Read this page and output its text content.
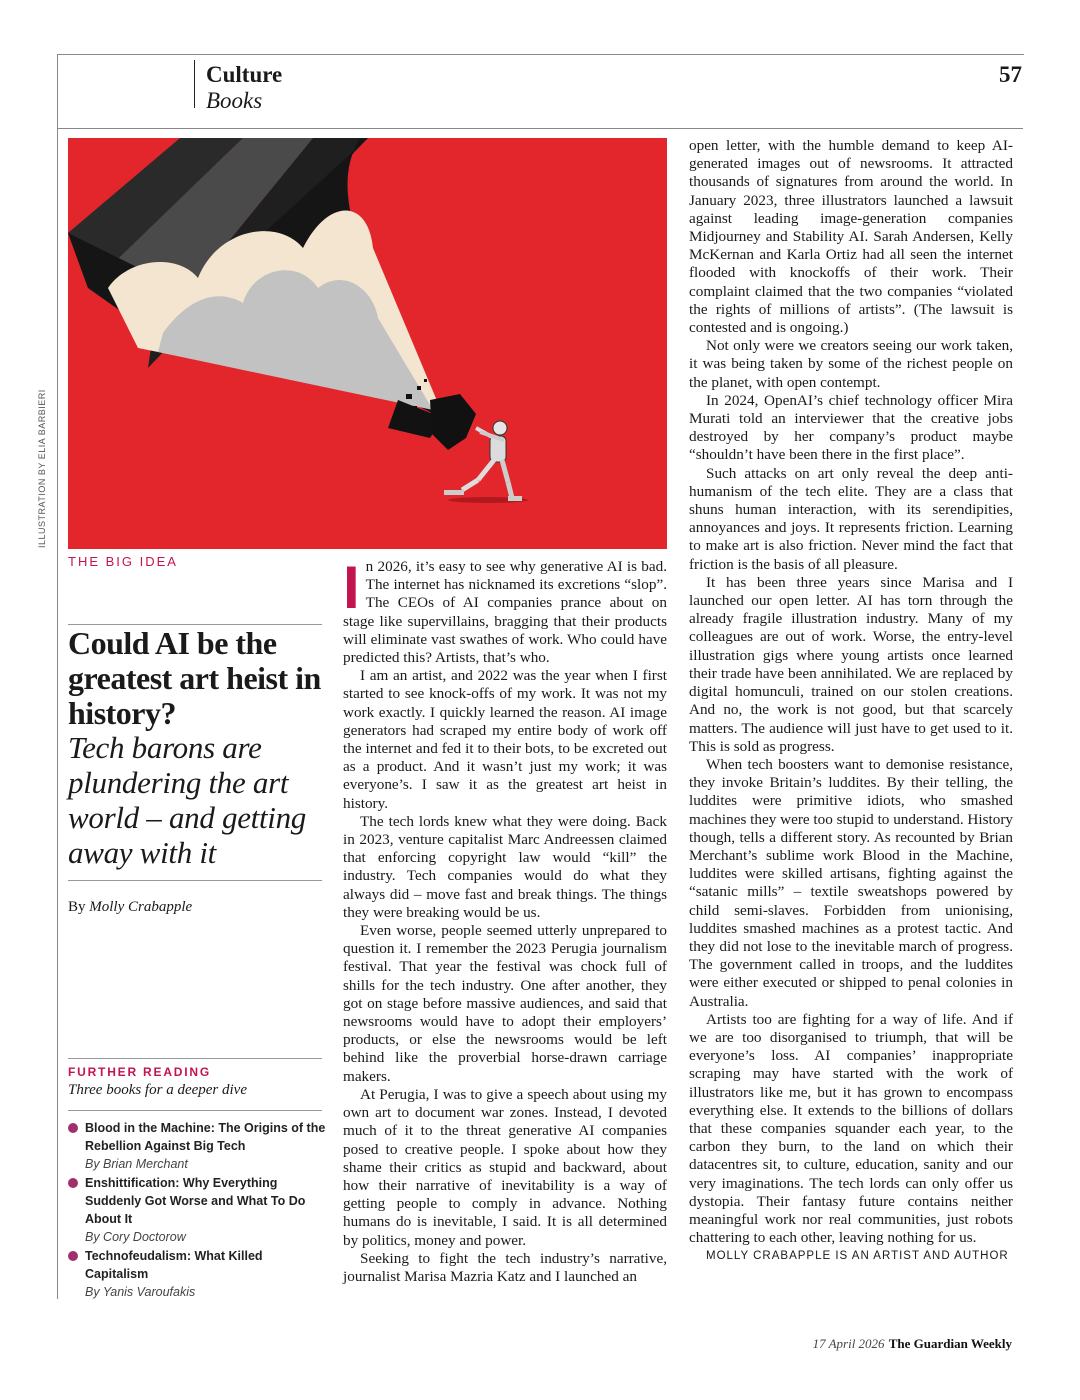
Culture
Books
57
ILLUSTRATION BY ELIA BARBIERI
THE BIG IDEA
Could AI be the greatest art heist in history?
Tech barons are plundering the art world – and getting away with it
By Molly Crabapple
FURTHER READING
Three books for a deeper dive
Blood in the Machine: The Origins of the Rebellion Against Big Tech
By Brian Merchant
Enshittification: Why Everything Suddenly Got Worse and What To Do About It
By Cory Doctorow
Technofeudalism: What Killed Capitalism
By Yanis Varoufakis

In 2026, it’s easy to see why generative AI is bad. The internet has nicknamed its excretions “slop”. The CEOs of AI companies prance about on stage like supervillains, bragging that their products will eliminate vast swathes of work. Who could have predicted this? Artists, that’s who.

I am an artist, and 2022 was the year when I first started to see knock-offs of my work. It was not my work exactly. I quickly learned the reason. AI image generators had scraped my entire body of work off the internet and fed it to their bots, to be excreted out as a product. And it wasn’t just my work; it was everyone’s. I saw it as the greatest art heist in history.

The tech lords knew what they were doing. Back in 2023, venture capitalist Marc Andreessen claimed that enforcing copyright law would “kill” the industry. Tech companies would do what they always did – move fast and break things. The things they were breaking would be us.

Even worse, people seemed utterly unprepared to question it. I remember the 2023 Perugia journalism festival. That year the festival was chock full of shills for the tech industry. One after another, they got on stage before massive audiences, and said that newsrooms would have to adopt their employers’ products, or else the newsrooms would be left behind like the proverbial horse-drawn carriage makers.

At Perugia, I was to give a speech about using my own art to document war zones. Instead, I devoted much of it to the threat generative AI companies posed to creative people. I spoke about how they shame their critics as stupid and backward, about how their narrative of inevitability is a way of getting people to comply in advance. Nothing humans do is inevitable, I said. It is all determined by politics, money and power.

Seeking to fight the tech industry’s narrative, journalist Marisa Mazria Katz and I launched an

open letter, with the humble demand to keep AI-generated images out of newsrooms. It attracted thousands of signatures from around the world. In January 2023, three illustrators launched a lawsuit against leading image-generation companies Midjourney and Stability AI. Sarah Andersen, Kelly McKernan and Karla Ortiz had all seen the internet flooded with knockoffs of their work. Their complaint claimed that the two companies “violated the rights of millions of artists”. (The lawsuit is contested and is ongoing.)

Not only were we creators seeing our work taken, it was being taken by some of the richest people on the planet, with open contempt.

In 2024, OpenAI’s chief technology officer Mira Murati told an interviewer that the creative jobs destroyed by her company’s product maybe “shouldn’t have been there in the first place”.

Such attacks on art only reveal the deep anti-humanism of the tech elite. They are a class that shuns human interaction, with its serendipities, annoyances and joys. It represents friction. Learning to make art is also friction. Never mind the fact that friction is the basis of all pleasure.

It has been three years since Marisa and I launched our open letter. AI has torn through the already fragile illustration industry. Many of my colleagues are out of work. Worse, the entry-level illustration gigs where young artists once learned their trade have been annihilated. We are replaced by digital homunculi, trained on our stolen creations. And no, the work is not good, but that scarcely matters. The audience will just have to get used to it. This is sold as progress.

When tech boosters want to demonise resistance, they invoke Britain’s luddites. By their telling, the luddites were primitive idiots, who smashed machines they were too stupid to understand. History though, tells a different story. As recounted by Brian Merchant’s sublime work Blood in the Machine, luddites were skilled artisans, fighting against the “satanic mills” – textile sweatshops powered by child semi-slaves. Forbidden from unionising, luddites smashed machines as a protest tactic. And they did not lose to the inevitable march of progress. The government called in troops, and the luddites were either executed or shipped to penal colonies in Australia.

Artists too are fighting for a way of life. And if we are too disorganised to triumph, that will be everyone’s loss. AI companies’ inappropriate scraping may have started with the work of illustrators like me, but it has grown to encompass everything else. It extends to the billions of dollars that these companies squander each year, to the carbon they burn, to the land on which their datacentres sit, to culture, education, sanity and our very imaginations. The tech lords can only offer us dystopia. Their fantasy future contains neither meaningful work nor real communities, just robots chattering to each other, leaving nothing for us.

MOLLY CRABAPPLE IS AN ARTIST AND AUTHOR

17 April 2026 The Guardian Weekly
